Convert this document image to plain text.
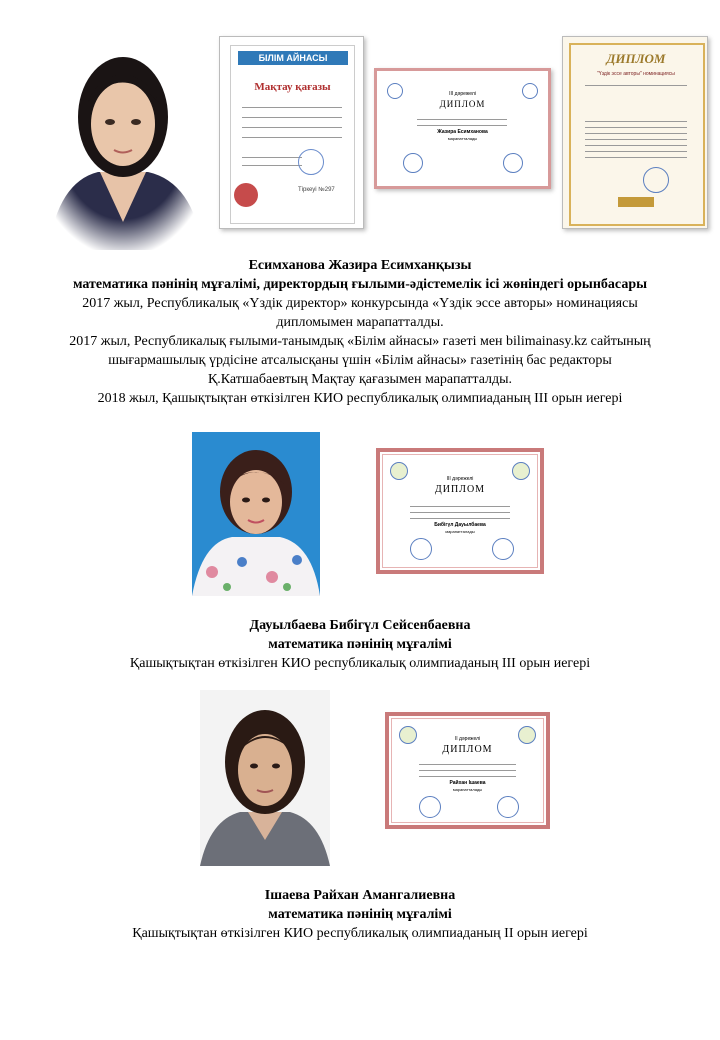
БІЛІМ АЙНАСЫ
Мақтау қағазы
Тіркеуі №297
ІІІ дәрежелі
ДИПЛОМ
Жазира Есимханова
марапатталады
ДИПЛОМ
"Үздік эссе авторы" номинациясы

Есимханова Жазира Есимханқызы

математика пәнінің мұғалімі, директордың ғылыми-әдістемелік ісі жөніндегі орынбасары

2017 жыл, Республикалық «Үздік директор» конкурсында «Үздік эссе авторы» номинациясы

дипломымен марапатталды.

2017 жыл, Республикалық ғылыми-танымдық «Білім айнасы» газеті мен bilimainasy.kz сайтының

шығармашылық үрдісіне атсалысқаны үшін «Білім айнасы» газетінің бас редакторы

Қ.Катшабаевтың Мақтау қағазымен марапатталды.

2018 жыл, Қашықтықтан өткізілген КИО республикалық олимпиаданың ІІІ орын иегері

ІІІ дәрежелі
ДИПЛОМ
Бибігүл Дауылбаева
марапатталады

Дауылбаева Бибігүл Сейсенбаевна

математика пәнінің мұғалімі

Қашықтықтан өткізілген КИО республикалық олимпиаданың ІІІ орын иегері

ІІ дәрежелі
ДИПЛОМ
Райхан Ішаева
марапатталады

Ішаева Райхан Амангалиевна

математика пәнінің мұғалімі

Қашықтықтан өткізілген КИО республикалық олимпиаданың ІІ орын иегері
